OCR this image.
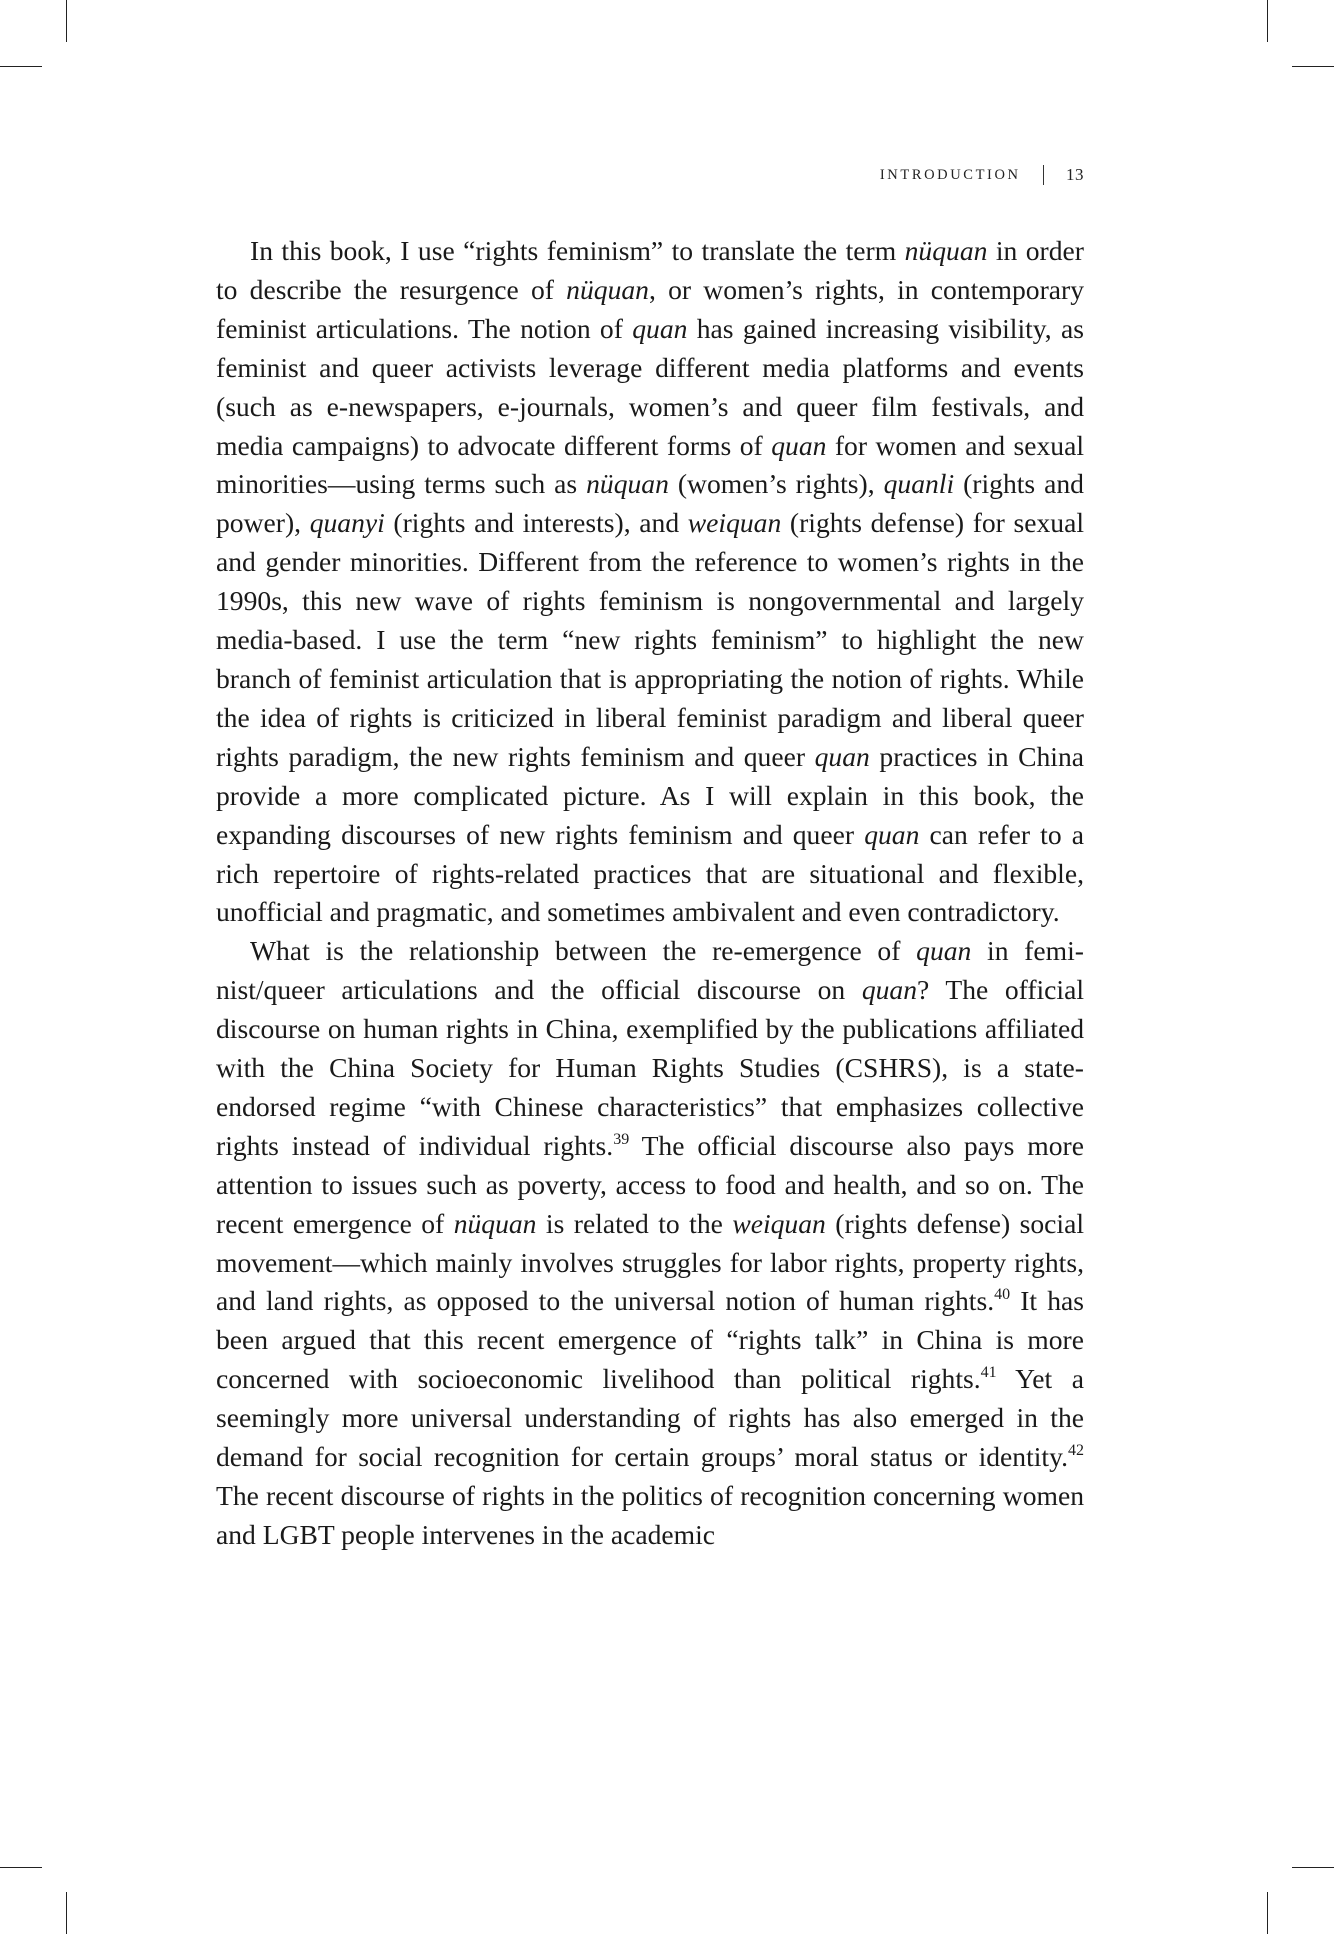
INTRODUCTION	13

In this book, I use “rights feminism” to translate the term nüquan in order to describe the resurgence of nüquan, or women’s rights, in contemporary feminist articulations. The notion of quan has gained increasing visibility, as feminist and queer activists leverage different media platforms and events (such as e-newspapers, e-journals, women’s and queer film festivals, and media campaigns) to advocate different forms of quan for women and sexual minorities—using terms such as nüquan (women’s rights), quanli (rights and power), quanyi (rights and interests), and weiquan (rights defense) for sexual and gender minorities. Different from the reference to women’s rights in the 1990s, this new wave of rights feminism is nongovernmental and largely media-based. I use the term “new rights feminism” to highlight the new branch of feminist articulation that is appropriating the notion of rights. While the idea of rights is criticized in liberal feminist paradigm and liberal queer rights paradigm, the new rights feminism and queer quan practices in China provide a more complicated picture. As I will explain in this book, the expanding discourses of new rights feminism and queer quan can refer to a rich repertoire of rights-related practices that are situational and flexible, unofficial and pragmatic, and sometimes ambivalent and even contradictory.

What is the relationship between the re-emergence of quan in feminist/queer articulations and the official discourse on quan? The official discourse on human rights in China, exemplified by the publications affiliated with the China Society for Human Rights Studies (CSHRS), is a state-endorsed regime “with Chinese characteristics” that emphasizes collective rights instead of individual rights.$^{39}$ The official discourse also pays more attention to issues such as poverty, access to food and health, and so on. The recent emergence of nüquan is related to the weiquan (rights defense) social movement—which mainly involves struggles for labor rights, property rights, and land rights, as opposed to the universal notion of human rights.$^{40}$ It has been argued that this recent emergence of “rights talk” in China is more concerned with socioeconomic livelihood than political rights.$^{41}$ Yet a seemingly more universal understanding of rights has also emerged in the demand for social recognition for certain groups’ moral status or identity.$^{42}$ The recent discourse of rights in the politics of recognition concerning women and LGBT people intervenes in the academic
